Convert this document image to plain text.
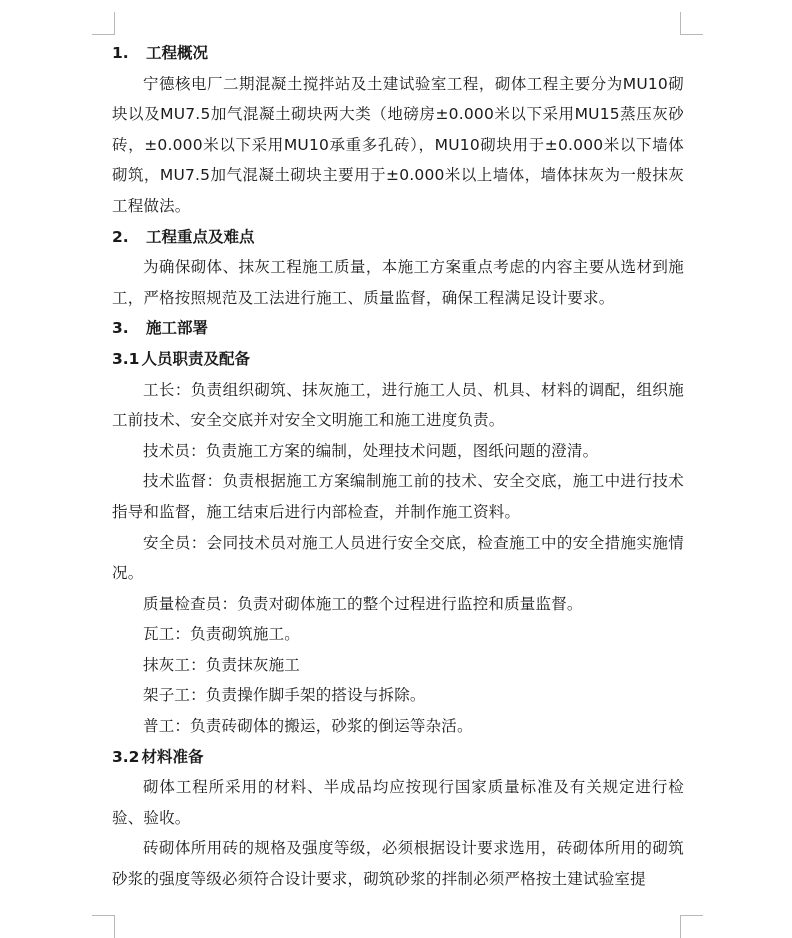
1. 工程概况
宁德核电厂二期混凝土搅拌站及土建试验室工程，砌体工程主要分为MU10砌块以及MU7.5加气混凝土砌块两大类（地磅房±0.000米以下采用MU15蒸压灰砂砖，±0.000米以下采用MU10承重多孔砖），MU10砌块用于±0.000米以下墙体砌筑，MU7.5加气混凝土砌块主要用于±0.000米以上墙体，墙体抹灰为一般抹灰工程做法。
2. 工程重点及难点
为确保砌体、抹灰工程施工质量，本施工方案重点考虑的内容主要从选材到施工，严格按照规范及工法进行施工、质量监督，确保工程满足设计要求。
3. 施工部署
3.1 人员职责及配备
工长：负责组织砌筑、抹灰施工，进行施工人员、机具、材料的调配，组织施工前技术、安全交底并对安全文明施工和施工进度负责。
技术员：负责施工方案的编制，处理技术问题，图纸问题的澄清。
技术监督：负责根据施工方案编制施工前的技术、安全交底，施工中进行技术指导和监督，施工结束后进行内部检查，并制作施工资料。
安全员：会同技术员对施工人员进行安全交底，检查施工中的安全措施实施情况。
质量检查员：负责对砌体施工的整个过程进行监控和质量监督。
瓦工：负责砌筑施工。
抹灰工：负责抹灰施工
架子工：负责操作脚手架的搭设与拆除。
普工：负责砖砌体的搬运，砂浆的倒运等杂活。
3.2 材料准备
砌体工程所采用的材料、半成品均应按现行国家质量标准及有关规定进行检验、验收。
砖砌体所用砖的规格及强度等级，必须根据设计要求选用，砖砌体所用的砌筑砂浆的强度等级必须符合设计要求，砌筑砂浆的拌制必须严格按土建试验室提
